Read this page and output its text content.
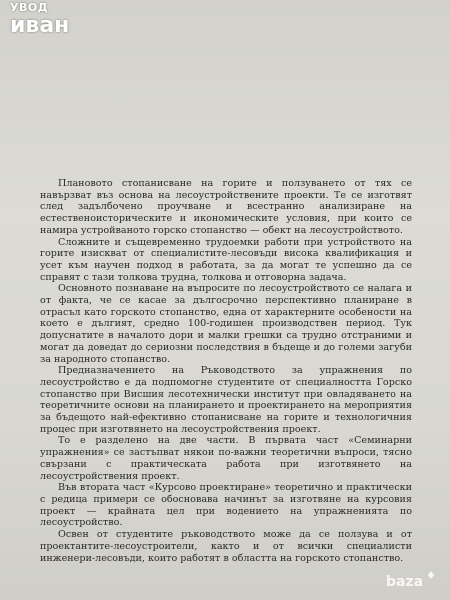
УВОД
иван

Плановото стопанисване на горите и ползуването от тях се навързват въз основа на лесоустройствените проекти. Те се изготвят след задълбочено проучване и всестранно анализиране на естественоисторическите и икономическите условия, при които се намира устройваното горско стопанство — обект на лесоустройството.

Сложните и същевременно трудоемки работи при устройството на горите изискват от специалистите-лесовъди висока квалификация и усет към научен подход в работата, за да могат те успешно да се справят с тази толкова трудна, толкова и отговорна задача.

Основното познаване на въпросите по лесоустройството се налага и от факта, че се касае за дългосрочно перспективно планиране в отрасъл като горското стопанство, една от характерните особености на което е дългият, средно 100-годишен производствен период. Тук допуснатите в началото дори и малки грешки са трудно отстраними и могат да доведат до сериозни последствия в бъдеще и до големи загуби за народното стопанство.

Предназначението на Ръководството за упражнения по лесоустройство е да подпомогне студентите от специалността Горско стопанство при Висшия лесотехнически институт при овладяването на теоретичните основи на планирането и проектирането на мероприятия за бъдещото най-ефективно стопанисване на горите и технологичния процес при изготвянето на лесоустройствения проект.

То е разделено на две части. В първата част «Семинарни упражнения» се застъпват някои по-важни теоретични въпроси, тясно свързани с практическата работа при изготвянето на лесоустройствения проект.

Във втората част «Курсово проектиране» теоретично и практически с редица примери се обосновава начинът за изготвяне на курсовия проект — крайната цел при водението на упражненията по лесоустройство.

Освен от студентите ръководството може да се ползува и от проектантите-лесоустроители, както и от всички специалисти инженери-лесовъди, които работят в областта на горското стопанство.

baza
